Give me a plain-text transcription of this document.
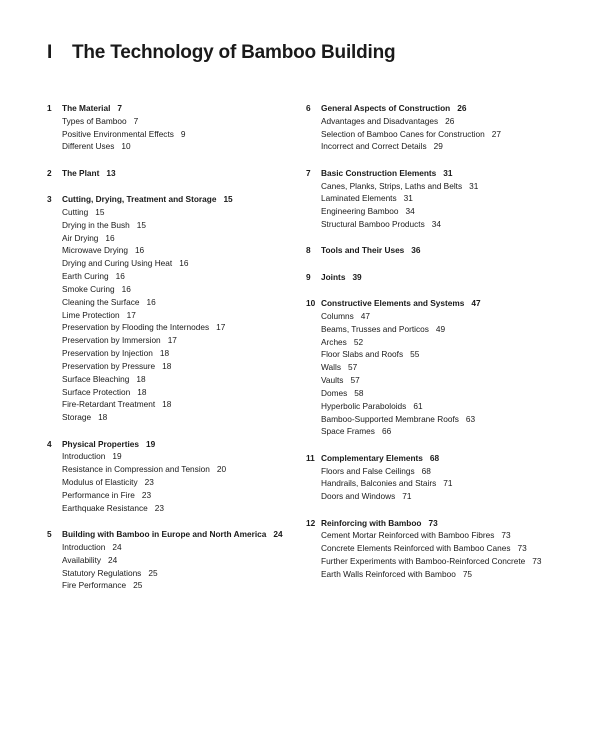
I The Technology of Bamboo Building
1 The Material 7
Types of Bamboo 7
Positive Environmental Effects 9
Different Uses 10
2 The Plant 13
3 Cutting, Drying, Treatment and Storage 15
Cutting 15
Drying in the Bush 15
Air Drying 16
Microwave Drying 16
Drying and Curing Using Heat 16
Earth Curing 16
Smoke Curing 16
Cleaning the Surface 16
Lime Protection 17
Preservation by Flooding the Internodes 17
Preservation by Immersion 17
Preservation by Injection 18
Preservation by Pressure 18
Surface Bleaching 18
Surface Protection 18
Fire-Retardant Treatment 18
Storage 18
4 Physical Properties 19
Introduction 19
Resistance in Compression and Tension 20
Modulus of Elasticity 23
Performance in Fire 23
Earthquake Resistance 23
5 Building with Bamboo in Europe and North America 24
Introduction 24
Availability 24
Statutory Regulations 25
Fire Performance 25
6 General Aspects of Construction 26
Advantages and Disadvantages 26
Selection of Bamboo Canes for Construction 27
Incorrect and Correct Details 29
7 Basic Construction Elements 31
Canes, Planks, Strips, Laths and Belts 31
Laminated Elements 31
Engineering Bamboo 34
Structural Bamboo Products 34
8 Tools and Their Uses 36
9 Joints 39
10 Constructive Elements and Systems 47
Columns 47
Beams, Trusses and Porticos 49
Arches 52
Floor Slabs and Roofs 55
Walls 57
Vaults 57
Domes 58
Hyperbolic Paraboloids 61
Bamboo-Supported Membrane Roofs 63
Space Frames 66
11 Complementary Elements 68
Floors and False Ceilings 68
Handrails, Balconies and Stairs 71
Doors and Windows 71
12 Reinforcing with Bamboo 73
Cement Mortar Reinforced with Bamboo Fibres 73
Concrete Elements Reinforced with Bamboo Canes 73
Further Experiments with Bamboo-Reinforced Concrete 73
Earth Walls Reinforced with Bamboo 75
